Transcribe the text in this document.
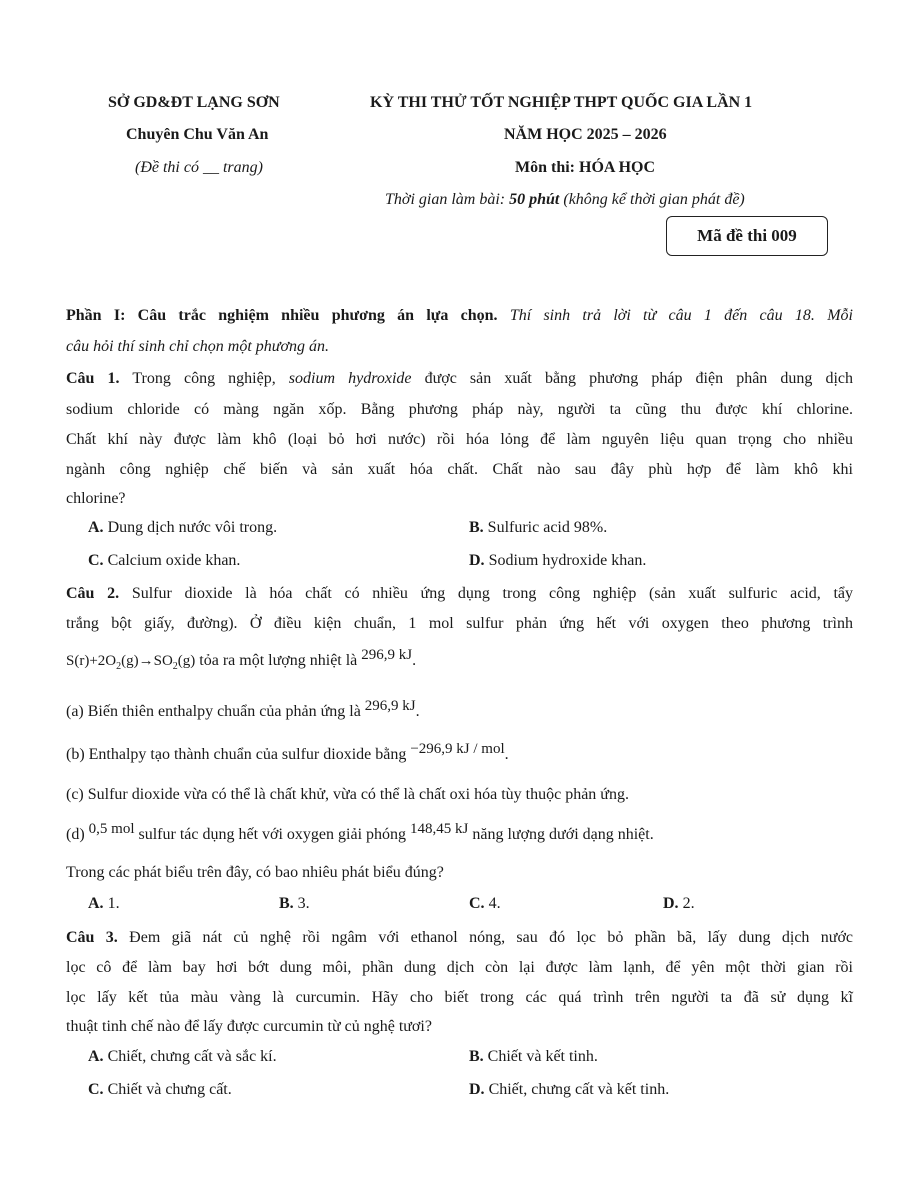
SỞ GD&ĐT LẠNG SƠN
Chuyên Chu Văn An
(Đề thi có __ trang)
KỲ THI THỬ TỐT NGHIỆP THPT QUỐC GIA LẦN 1
NĂM HỌC 2025 – 2026
Môn thi: HÓA HỌC
Thời gian làm bài: 50 phút (không kể thời gian phát đề)
Mã đề thi 009
Phần I: Câu trắc nghiệm nhiều phương án lựa chọn. Thí sinh trả lời từ câu 1 đến câu 18. Mỗi
câu hỏi thí sinh chỉ chọn một phương án.
Câu 1. Trong công nghiệp, sodium hydroxide được sản xuất bằng phương pháp điện phân dung dịch
sodium chloride có màng ngăn xốp. Bằng phương pháp này, người ta cũng thu được khí chlorine.
Chất khí này được làm khô (loại bỏ hơi nước) rồi hóa lỏng để làm nguyên liệu quan trọng cho nhiều
ngành công nghiệp chế biến và sản xuất hóa chất. Chất nào sau đây phù hợp để làm khô khi
chlorine?
A. Dung dịch nước vôi trong.	B. Sulfuric acid 98%.
C. Calcium oxide khan.	D. Sodium hydroxide khan.
Câu 2. Sulfur dioxide là hóa chất có nhiều ứng dụng trong công nghiệp (sản xuất sulfuric acid, tẩy
trắng bột giấy, đường). Ở điều kiện chuẩn, 1 mol sulfur phản ứng hết với oxygen theo phương trình
$S(r)+2O_2(g)\to SO_2(g)$ tỏa ra một lượng nhiệt là 296,9 kJ.
(a) Biến thiên enthalpy chuẩn của phản ứng là 296,9 kJ.
(b) Enthalpy tạo thành chuẩn của sulfur dioxide bằng −296,9 kJ / mol.
(c) Sulfur dioxide vừa có thể là chất khử, vừa có thể là chất oxi hóa tùy thuộc phản ứng.
(d) 0,5 mol sulfur tác dụng hết với oxygen giải phóng 148,45 kJ năng lượng dưới dạng nhiệt.
Trong các phát biểu trên đây, có bao nhiêu phát biểu đúng?
A. 1.	B. 3.	C. 4.	D. 2.
Câu 3. Đem giã nát củ nghệ rồi ngâm với ethanol nóng, sau đó lọc bỏ phần bã, lấy dung dịch nước
lọc cô để làm bay hơi bớt dung môi, phần dung dịch còn lại được làm lạnh, để yên một thời gian rồi
lọc lấy kết tủa màu vàng là curcumin. Hãy cho biết trong các quá trình trên người ta đã sử dụng kĩ
thuật tinh chế nào để lấy được curcumin từ củ nghệ tươi?
A. Chiết, chưng cất và sắc kí.	B. Chiết và kết tinh.
C. Chiết và chưng cất.	D. Chiết, chưng cất và kết tinh.
